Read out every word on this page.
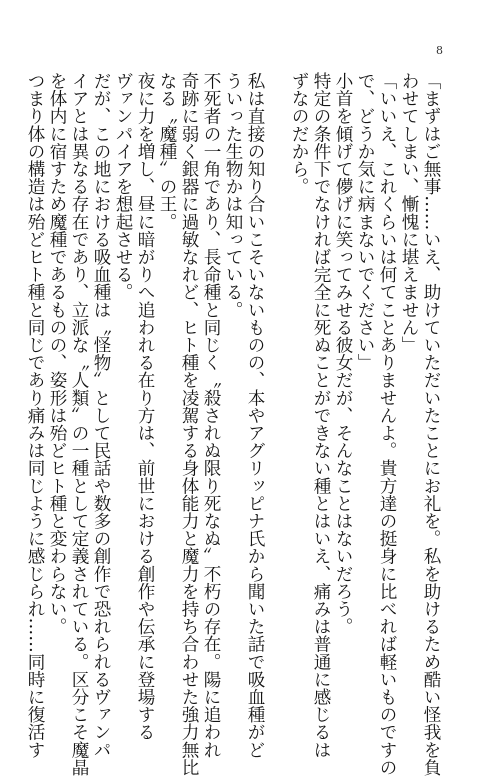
8

「まずはご無事……いえ、助けていただいたことにお礼を。私を助けるため酷い怪我を負

わせてしまい、慚愧に堪えません」

「いいえ、これくらいは何てことありませんよ。貴方達の挺身に比べれば軽いものですの

で、どうか気に病まないでください」

小首を傾げて儚げに笑ってみせる彼女だが、そんなことはないだろう。

特定の条件下でなければ完全に死ぬことができない種とはいえ、痛みは普通に感じるは

ずなのだから。

私は直接の知り合いこそいないものの、本やアグリッピナ氏から聞いた話で吸血種がど

ういった生物かは知っている。

不死者の一角であり、長命種と同じく〝殺されぬ限り死なぬ〟不朽の存在。陽に追われ

奇跡に弱く銀器に過敏なれど、ヒト種を凌駕する身体能力と魔力を持ち合わせた強力無比

なる〝魔種〟の王。

夜に力を増し、昼に暗がりへ追われる在り方は、前世における創作や伝承に登場する

ヴァンパイアを想起させる。

だが、この地における吸血種は〝怪物〟として民話や数多の創作で恐れられるヴァンパ

イアとは異なる存在であり、立派な〝人類〟の一種として定義されている。区分こそ魔晶

を体内に宿すため魔種であるものの、姿形は殆どヒト種と変わらない。

つまり体の構造は殆どヒト種と同じであり痛みは同じように感じられ……同時に復活す
